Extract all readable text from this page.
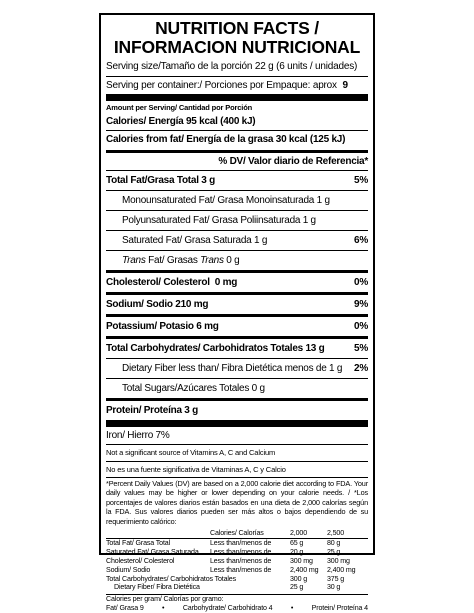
NUTRITION FACTS /
INFORMACION NUTRICIONAL
Serving size/Tamaño de la porción 22 g (6 units / unidades)
Serving per container:/ Porciones por Empaque: aprox 9
Amount per Serving/ Cantidad por Porción
Calories/ Energía 95 kcal (400 kJ)
Calories from fat/ Energía de la grasa 30 kcal (125 kJ)
% DV/ Valor diario de Referencia*
Total Fat/Grasa Total 3 g	5%
Monounsaturated Fat/ Grasa Monoinsaturada 1 g
Polyunsaturated Fat/ Grasa Poliinsaturada 1 g
Saturated Fat/ Grasa Saturada 1 g	6%
Trans Fat/ Grasas Trans 0 g
Cholesterol/ Colesterol  0 mg	0%
Sodium/ Sodio 210 mg	9%
Potassium/ Potasio 6 mg	0%
Total Carbohydrates/ Carbohidratos Totales 13 g	5%
Dietary Fiber less than/ Fibra Dietética menos de 1 g 2%
Total Sugars/Azúcares Totales 0 g
Protein/ Proteína 3 g
Iron/ Hierro 7%
Not a significant source of Vitamins A, C and Calcium
No es una fuente significativa de Vitaminas A, C y Calcio
*Percent Daily Values (DV) are based on a 2,000 calorie diet according to FDA. Your daily values may be higher or lower depending on your calorie needs. / *Los porcentajes de valores diarios están basados en una dieta de 2,000 calorías según la FDA. Sus valores diarios pueden ser más altos o bajos dependiendo de su requerimiento calórico:
	Calories/ Calorías	2,000	2,500
Total Fat/ Grasa Total	Less than/menos de	65 g	80 g
Saturated Fat/ Grasa Saturada	Less than/menos de	20 g	25 g
Cholesterol/ Colesterol	Less than/menos de	300 mg	300 mg
Sodium/ Sodio	Less than/menos de	2,400 mg	2,400 mg
Total Carbohydrates/ Carbohidratos Totales		300 g	375 g
Dietary Fiber/ Fibra Dietética		25 g	30 g
Calories per gram/ Calorías por gramo:
Fat/ Grasa 9	•	Carbohydrate/ Carbohidrato 4	•	Protein/ Proteína 4
